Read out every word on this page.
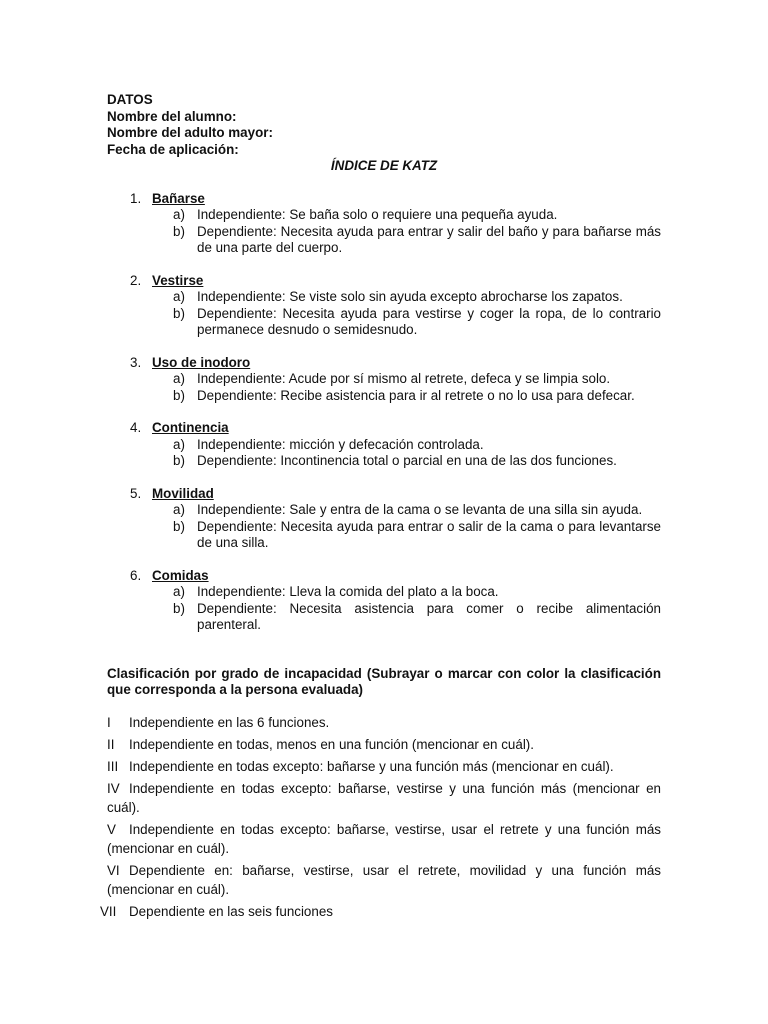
DATOS

Nombre del alumno:

Nombre del adulto mayor:

Fecha de aplicación:

ÍNDICE DE KATZ

1. Bañarse
a) Independiente: Se baña solo o requiere una pequeña ayuda.
b) Dependiente: Necesita ayuda para entrar y salir del baño y para bañarse más de una parte del cuerpo.
2. Vestirse
a) Independiente: Se viste solo sin ayuda excepto abrocharse los zapatos.
b) Dependiente: Necesita ayuda para vestirse y coger la ropa, de lo contrario permanece desnudo o semidesnudo.
3. Uso de inodoro
a) Independiente: Acude por sí mismo al retrete, defeca y se limpia solo.
b) Dependiente: Recibe asistencia para ir al retrete o no lo usa para defecar.
4. Continencia
a) Independiente: micción y defecación controlada.
b) Dependiente: Incontinencia total o parcial en una de las dos funciones.
5. Movilidad
a) Independiente: Sale y entra de la cama o se levanta de una silla sin ayuda.
b) Dependiente: Necesita ayuda para entrar o salir de la cama o para levantarse de una silla.
6. Comidas
a) Independiente: Lleva la comida del plato a la boca.
b) Dependiente: Necesita asistencia para comer o recibe alimentación parenteral.

Clasificación por grado de incapacidad (Subrayar o marcar con color la clasificación que corresponda a la persona evaluada)

I Independiente en las 6 funciones.

II Independiente en todas, menos en una función (mencionar en cuál).

III Independiente en todas excepto: bañarse y una función más (mencionar en cuál).

IV Independiente en todas excepto: bañarse, vestirse y una función más (mencionar en cuál).

V Independiente en todas excepto: bañarse, vestirse, usar el retrete y una función más (mencionar en cuál).

VI Dependiente en: bañarse, vestirse, usar el retrete, movilidad y una función más (mencionar en cuál).

VII Dependiente en las seis funciones
